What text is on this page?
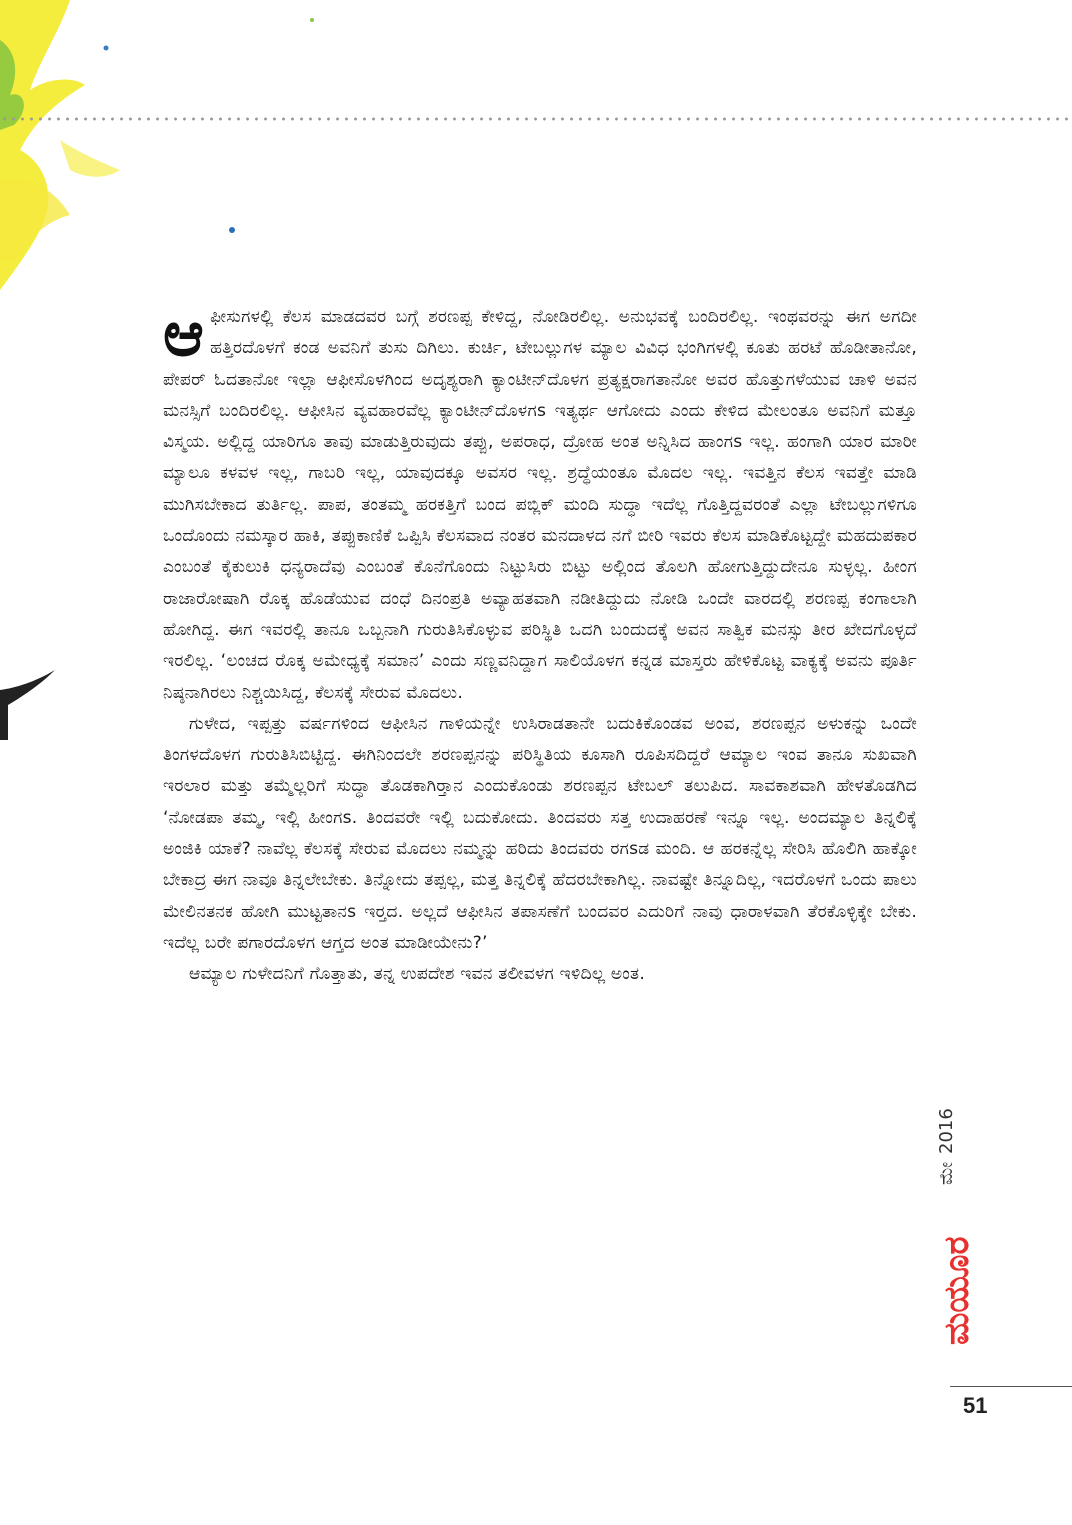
ಆ ಫೀಸುಗಳಲ್ಲಿ ಕೆಲಸ ಮಾಡದವರ ಬಗ್ಗೆ ಶರಣಪ್ಪ ಕೇಳಿದ್ದ, ನೋಡಿರಲಿಲ್ಲ. ಅನುಭವಕ್ಕೆ ಬಂದಿರಲಿಲ್ಲ. ಇಂಥವರನ್ನು ಈಗ ಅಗದೀ ಹತ್ತಿರದೊಳಗೆ ಕಂಡ ಅವನಿಗೆ ತುಸು ದಿಗಿಲು. ಕುರ್ಚಿ, ಟೇಬಲ್ಲುಗಳ ಮ್ಯಾಲ ವಿವಿಧ ಭಂಗಿಗಳಲ್ಲಿ ಕೂತು ಹರಟೆ ಹೊಡೀತಾನೋ, ಪೇಪರ್ ಓದತಾನೋ ಇಲ್ಲಾ ಆಫೀಸೊಳಗಿಂದ ಅದೃಶ್ಯರಾಗಿ ಕ್ಯಾಂಟೀನ್‌ದೊಳಗ ಪ್ರತ್ಯಕ್ಷರಾಗತಾನೋ ಅವರ ಹೊತ್ತುಗಳೆಯುವ ಚಾಳಿ ಅವನ ಮನಸ್ಸಿಗೆ ಬಂದಿರಲಿಲ್ಲ. ಆಫೀಸಿನ ವ್ಯವಹಾರವೆಲ್ಲ ಕ್ಯಾಂಟೀನ್‌ದೊಳಗs ಇತ್ಯರ್ಥ ಆಗೋದು ಎಂದು ಕೇಳಿದ ಮೇಲಂತೂ ಅವನಿಗೆ ಮತ್ತೂ ವಿಸ್ಮಯ. ಅಲ್ಲಿದ್ದ ಯಾರಿಗೂ ತಾವು ಮಾಡುತ್ತಿರುವುದು ತಪ್ಪು, ಅಪರಾಧ, ದ್ರೋಹ ಅಂತ ಅನ್ನಿಸಿದ ಹಾಂಗs ಇಲ್ಲ. ಹಂಗಾಗಿ ಯಾರ ಮಾರೀ ಮ್ಯಾಲೂ ಕಳವಳ ಇಲ್ಲ, ಗಾಬರಿ ಇಲ್ಲ, ಯಾವುದಕ್ಕೂ ಅವಸರ ಇಲ್ಲ. ಶ್ರದ್ಧೆಯಂತೂ ಮೊದಲ ಇಲ್ಲ. ಇವತ್ತಿನ ಕೆಲಸ ಇವತ್ತೇ ಮಾಡಿ ಮುಗಿಸಬೇಕಾದ ತುರ್ತಿಲ್ಲ. ಪಾಪ, ತಂತಮ್ಮ ಹರಕತ್ತಿಗೆ ಬಂದ ಪಬ್ಲಿಕ್ ಮಂದಿ ಸುದ್ಧಾ ಇದೆಲ್ಲ ಗೊತ್ತಿದ್ದವರಂತೆ ಎಲ್ಲಾ ಟೇಬಲ್ಲುಗಳಿಗೂ ಒಂದೊಂದು ನಮಸ್ಕಾರ ಹಾಕಿ, ತಪ್ಪುಕಾಣಿಕೆ ಒಪ್ಪಿಸಿ ಕೆಲಸವಾದ ನಂತರ ಮನದಾಳದ ನಗೆ ಬೀರಿ ಇವರು ಕೆಲಸ ಮಾಡಿಕೊಟ್ಟದ್ದೇ ಮಹದುಪಕಾರ ಎಂಬಂತೆ ಕೈಕುಲುಕಿ ಧನ್ಯರಾದೆವು ಎಂಬಂತೆ ಕೊನೆಗೊಂದು ನಿಟ್ಟುಸಿರು ಬಿಟ್ಟು ಅಲ್ಲಿಂದ ತೊಲಗಿ ಹೋಗುತ್ತಿದ್ದುದೇನೂ ಸುಳ್ಳಲ್ಲ. ಹೀಂಗ ರಾಜಾರೋಷಾಗಿ ರೊಕ್ಕ ಹೊಡೆಯುವ ದಂಧೆ ದಿನಂಪ್ರತಿ ಅವ್ಯಾಹತವಾಗಿ ನಡೀತಿದ್ದುದು ನೋಡಿ ಒಂದೇ ವಾರದಲ್ಲಿ ಶರಣಪ್ಪ ಕಂಗಾಲಾಗಿ ಹೋಗಿದ್ದ. ಈಗ ಇವರಲ್ಲಿ ತಾನೂ ಒಬ್ಬನಾಗಿ ಗುರುತಿಸಿಕೊಳ್ಳುವ ಪರಿಸ್ಥಿತಿ ಒದಗಿ ಬಂದುದಕ್ಕೆ ಅವನ ಸಾತ್ವಿಕ ಮನಸ್ಸು ತೀರ ಖೇದಗೊಳ್ಳದೆ ಇರಲಿಲ್ಲ. ‘ಲಂಚದ ರೊಕ್ಕ ಅಮೇಧ್ಯಕ್ಕೆ ಸಮಾನ’ ಎಂದು ಸಣ್ಣವನಿದ್ದಾಗ ಸಾಲಿಯೊಳಗ ಕನ್ನಡ ಮಾಸ್ತರು ಹೇಳಿಕೊಟ್ಟ ವಾಕ್ಯಕ್ಕೆ ಅವನು ಪೂರ್ತಿ ನಿಷ್ಠನಾಗಿರಲು ನಿಶ್ಚಯಿಸಿದ್ದ, ಕೆಲಸಕ್ಕೆ ಸೇರುವ ಮೊದಲು.

ಗುಳೇದ, ಇಪ್ಪತ್ತು ವರ್ಷಗಳಿಂದ ಆಫೀಸಿನ ಗಾಳಿಯನ್ನೇ ಉಸಿರಾಡತಾನೇ ಬದುಕಿಕೊಂಡವ ಅಂವ, ಶರಣಪ್ಪನ ಅಳುಕನ್ನು ಒಂದೇ ತಿಂಗಳದೊಳಗ ಗುರುತಿಸಿಬಿಟ್ಟಿದ್ದ. ಈಗಿನಿಂದಲೇ ಶರಣಪ್ಪನನ್ನು ಪರಿಸ್ಥಿತಿಯ ಕೂಸಾಗಿ ರೂಪಿಸದಿದ್ದರೆ ಆಮ್ಯಾಲ ಇಂವ ತಾನೂ ಸುಖವಾಗಿ ಇರಲಾರ ಮತ್ತು ತಮ್ಮೆಲ್ಲರಿಗೆ ಸುದ್ಧಾ ತೊಡಕಾಗಿರ್‍ತಾನ ಎಂದುಕೊಂಡು ಶರಣಪ್ಪನ ಟೇಬಲ್ ತಲುಪಿದ. ಸಾವಕಾಶವಾಗಿ ಹೇಳತೊಡಗಿದ ‘ನೋಡಪಾ ತಮ್ಮ, ಇಲ್ಲಿ ಹೀಂಗs. ತಿಂದವರೇ ಇಲ್ಲಿ ಬದುಕೋದು. ತಿಂದವರು ಸತ್ತ ಉದಾಹರಣೆ ಇನ್ನೂ ಇಲ್ಲ. ಅಂದಮ್ಯಾಲ ತಿನ್ನಲಿಕ್ಕೆ ಅಂಜಿಕಿ ಯಾಕೆ? ನಾವೆಲ್ಲ ಕೆಲಸಕ್ಕೆ ಸೇರುವ ಮೊದಲು ನಮ್ಮನ್ನು ಹರಿದು ತಿಂದವರು ರಗsಡ ಮಂದಿ. ಆ ಹರಕನ್ನೆಲ್ಲ ಸೇರಿಸಿ ಹೊಲಿಗಿ ಹಾಕ್ಕೋ ಬೇಕಾದ್ರ ಈಗ ನಾವೂ ತಿನ್ನಲೇಬೇಕು. ತಿನ್ನೋದು ತಪ್ಪಲ್ಲ, ಮತ್ತ ತಿನ್ನಲಿಕ್ಕೆ ಹೆದರಬೇಕಾಗಿಲ್ಲ. ನಾವಷ್ಟೇ ತಿನ್ನೂದಿಲ್ಲ, ಇದರೊಳಗೆ ಒಂದು ಪಾಲು ಮೇಲಿನತನಕ ಹೋಗಿ ಮುಟ್ಟತಾನs ಇರ್‍ತದ. ಅಲ್ಲದೆ ಆಫೀಸಿನ ತಪಾಸಣೆಗೆ ಬಂದವರ ಎದುರಿಗೆ ನಾವು ಧಾರಾಳವಾಗಿ ತೆರಕೊಳ್ಳಿಕ್ಕೇ ಬೇಕು. ಇದೆಲ್ಲ ಬರೇ ಪಗಾರದೊಳಗ ಆಗ್ತದ ಅಂತ ಮಾಡೀಯೇನು?’

ಆಮ್ಯಾಲ ಗುಳೇದನಿಗೆ ಗೊತ್ತಾತು, ತನ್ನ ಉಪದೇಶ ಇವನ ತಲೀವಳಗ ಇಳಿದಿಲ್ಲ ಅಂತ.

ಮೇ2016
ಮಯೂರ
51
